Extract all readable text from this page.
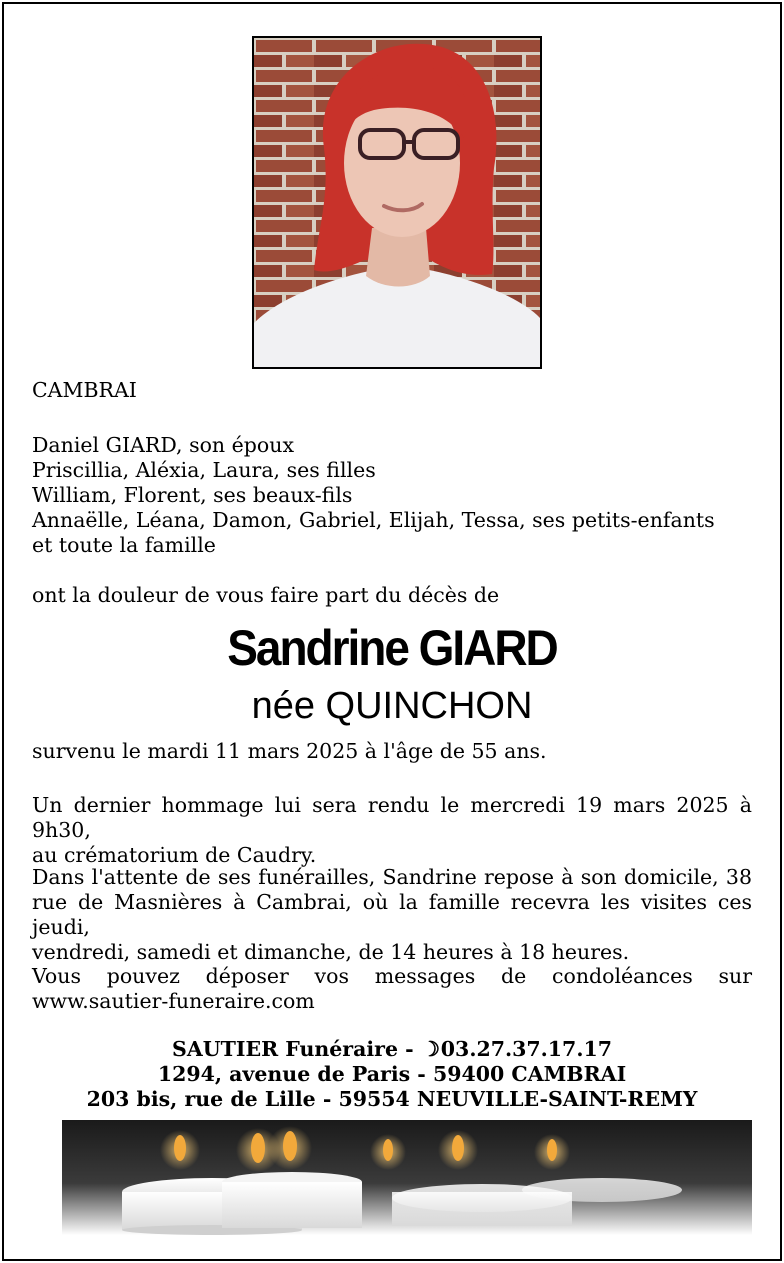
CAMBRAI
Daniel GIARD, son époux
Priscillia, Aléxia, Laura, ses filles
William, Florent, ses beaux-fils
Annaëlle, Léana, Damon, Gabriel, Elijah, Tessa, ses petits-enfants
et toute la famille
ont la douleur de vous faire part du décès de
Sandrine GIARD
née QUINCHON
survenu le mardi 11 mars 2025 à l'âge de 55 ans.
Un dernier hommage lui sera rendu le mercredi 19 mars 2025 à 9h30,
au crématorium de Caudry.
Dans l'attente de ses funérailles, Sandrine repose à son domicile, 38
rue de Masnières à Cambrai, où la famille recevra les visites ces jeudi,
vendredi, samedi et dimanche, de 14 heures à 18 heures.
Vous pouvez déposer vos messages de condoléances sur
www.sautier-funeraire.com
SAUTIER Funéraire - ☽03.27.37.17.17
1294, avenue de Paris - 59400 CAMBRAI
203 bis, rue de Lille - 59554 NEUVILLE-SAINT-REMY
